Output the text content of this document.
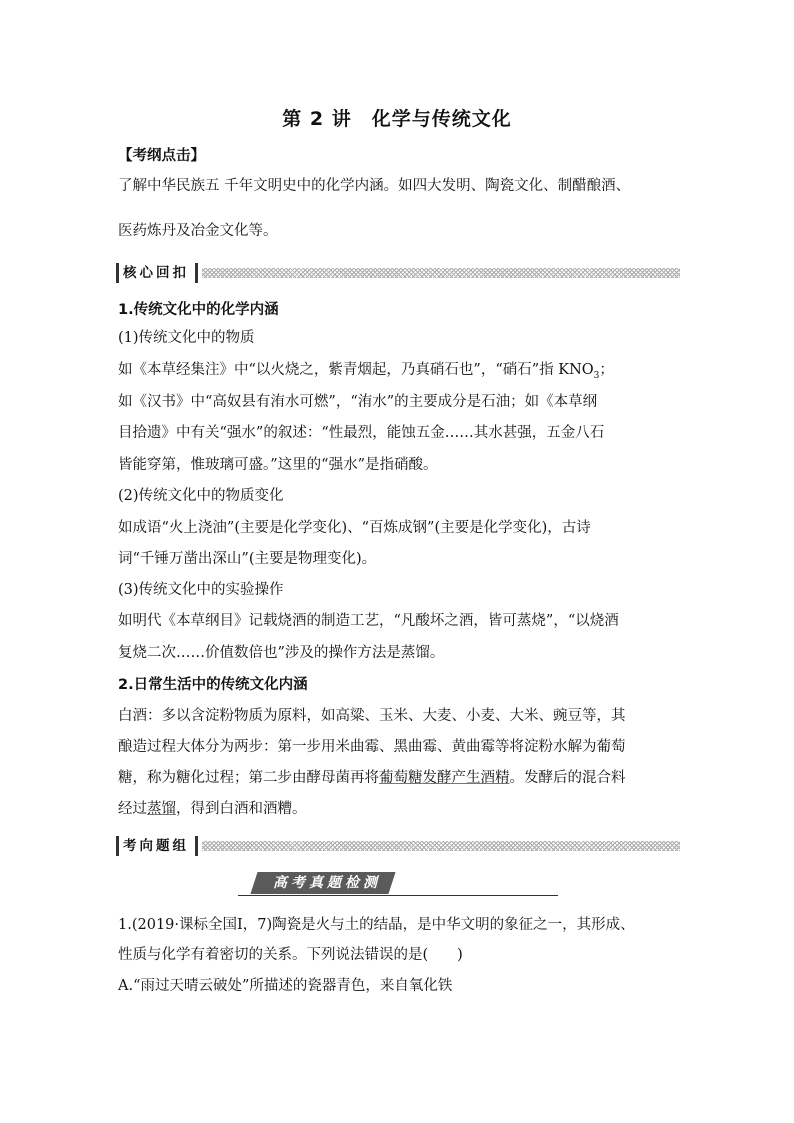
第 2 讲　化学与传统文化
【考纲点击】
了解中华民族五 千年文明史中的化学内涵。如四大发明、陶瓷文化、制醋酿酒、
医药炼丹及冶金文化等。
核心回扣
1.传统文化中的化学内涵
(1)传统文化中的物质
如《本草经集注》中“以火烧之，紫青烟起，乃真硝石也”，“硝石”指 $KNO_3$；
如《汉书》中“高奴县有洧水可燃”，“洧水”的主要成分是石油；如《本草纲
目拾遗》中有关“强水”的叙述：“性最烈，能蚀五金……其水甚强，五金八石
皆能穿第，惟玻璃可盛。”这里的“强水”是指硝酸。
(2)传统文化中的物质变化
如成语“火上浇油”(主要是化学变化)、“百炼成钢”(主要是化学变化)，古诗
词“千锤万凿出深山”(主要是物理变化)。
(3)传统文化中的实验操作
如明代《本草纲目》记载烧酒的制造工艺，“凡酸坏之酒，皆可蒸烧”，“以烧酒
复烧二次……价值数倍也”涉及的操作方法是蒸馏。
2.日常生活中的传统文化内涵
白酒：多以含淀粉物质为原料，如高粱、玉米、大麦、小麦、大米、豌豆等，其
酿造过程大体分为两步：第一步用米曲霉、黑曲霉、黄曲霉等将淀粉水解为葡萄
糖，称为糖化过程；第二步由酵母菌再将葡萄糖发酵产生酒精。发酵后的混合料
经过蒸馏，得到白酒和酒糟。
考向题组
高考真题检测
1.(2019·课标全国Ⅰ，7)陶瓷是火与土的结晶，是中华文明的象征之一，其形成、
性质与化学有着密切的关系。下列说法错误的是(　　)
A.“雨过天晴云破处”所描述的瓷器青色，来自氧化铁
